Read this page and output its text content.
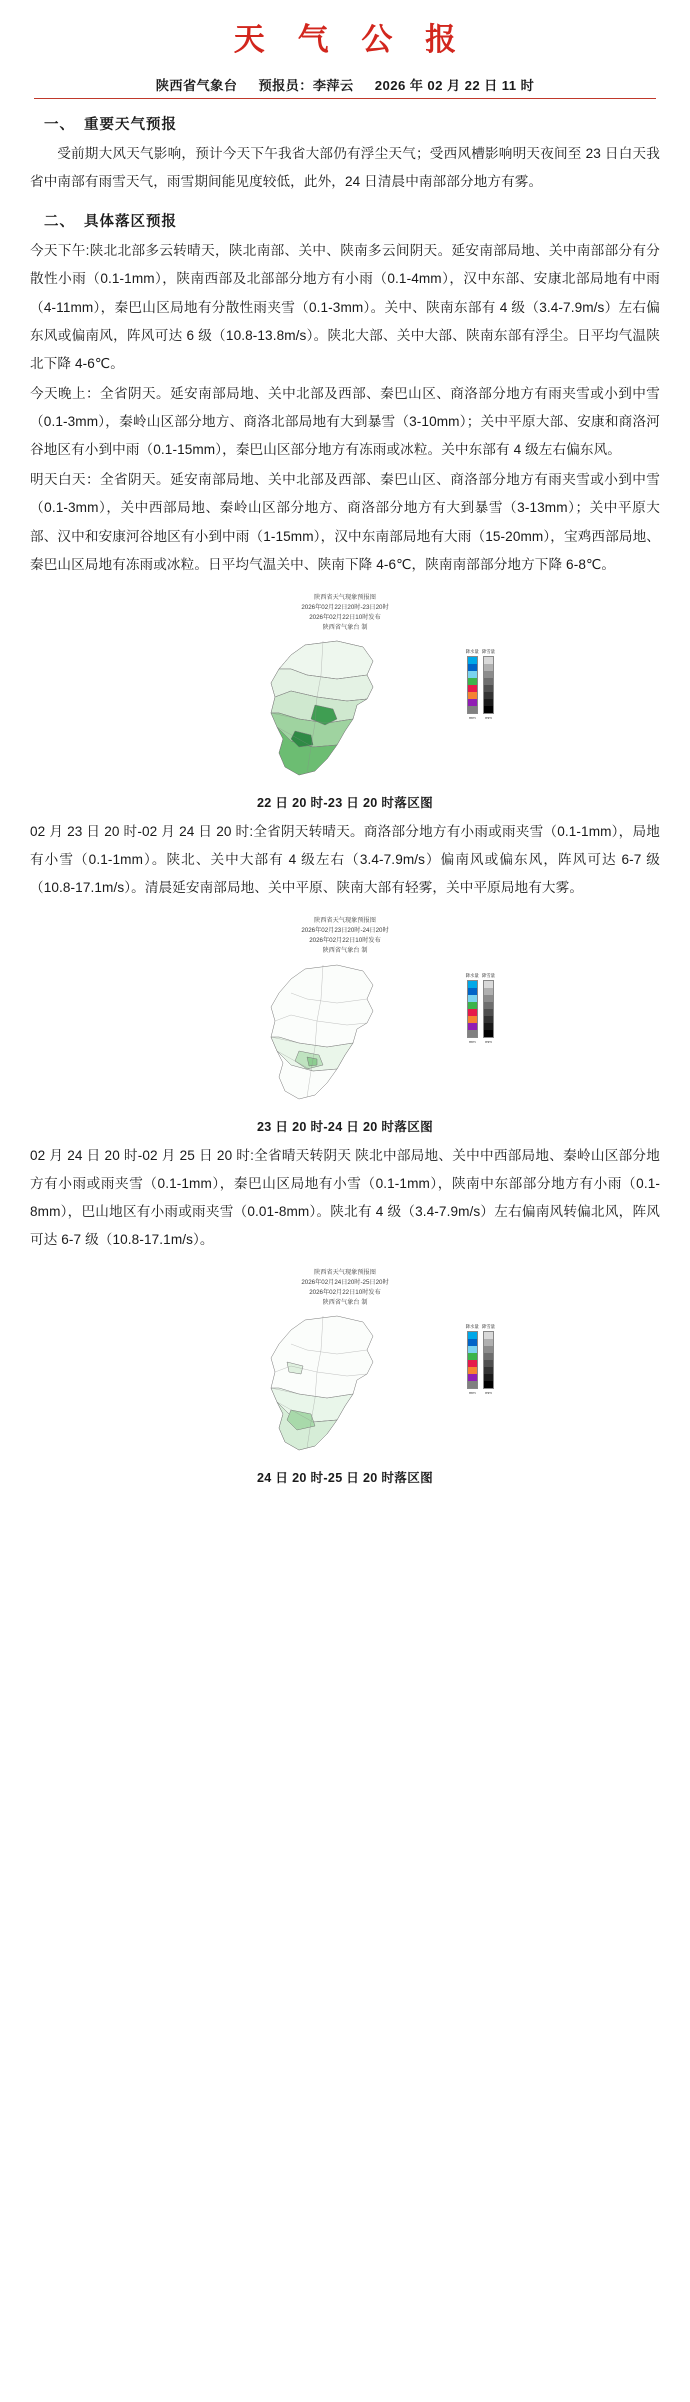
天 气 公 报
陕西省气象台 预报员：李萍云 2026 年 02 月 22 日 11 时
一、 重要天气预报

受前期大风天气影响，预计今天下午我省大部仍有浮尘天气；受西风槽影响明天夜间至 23 日白天我省中南部有雨雪天气，雨雪期间能见度较低，此外，24 日清晨中南部部分地方有雾。

二、 具体落区预报

今天下午:陕北北部多云转晴天，陕北南部、关中、陕南多云间阴天。延安南部局地、关中南部部分有分散性小雨（0.1-1mm），陕南西部及北部部分地方有小雨（0.1-4mm），汉中东部、安康北部局地有中雨（4-11mm），秦巴山区局地有分散性雨夹雪（0.1-3mm）。关中、陕南东部有 4 级（3.4-7.9m/s）左右偏东风或偏南风，阵风可达 6 级（10.8-13.8m/s）。陕北大部、关中大部、陕南东部有浮尘。日平均气温陕北下降 4-6℃。

今天晚上：全省阴天。延安南部局地、关中北部及西部、秦巴山区、商洛部分地方有雨夹雪或小到中雪（0.1-3mm），秦岭山区部分地方、商洛北部局地有大到暴雪（3-10mm）；关中平原大部、安康和商洛河谷地区有小到中雨（0.1-15mm），秦巴山区部分地方有冻雨或冰粒。关中东部有 4 级左右偏东风。

明天白天：全省阴天。延安南部局地、关中北部及西部、秦巴山区、商洛部分地方有雨夹雪或小到中雪（0.1-3mm），关中西部局地、秦岭山区部分地方、商洛部分地方有大到暴雪（3-13mm）；关中平原大部、汉中和安康河谷地区有小到中雨（1-15mm），汉中东南部局地有大雨（15-20mm），宝鸡西部局地、秦巴山区局地有冻雨或冰粒。日平均气温关中、陕南下降 4-6℃，陕南南部部分地方下降 6-8℃。

陕西省天气现象预报图
2026年02月22日20时-23日20时
2026年02月22日10时发布
陕西省气象台 制
降水量
mm
降雪量
mm
22 日 20 时-23 日 20 时落区图

02 月 23 日 20 时-02 月 24 日 20 时:全省阴天转晴天。商洛部分地方有小雨或雨夹雪（0.1-1mm），局地有小雪（0.1-1mm）。陕北、关中大部有 4 级左右（3.4-7.9m/s）偏南风或偏东风，阵风可达 6-7 级（10.8-17.1m/s）。清晨延安南部局地、关中平原、陕南大部有轻雾，关中平原局地有大雾。

陕西省天气现象预报图
2026年02月23日20时-24日20时
2026年02月22日10时发布
陕西省气象台 制
降水量
mm
降雪量
mm
23 日 20 时-24 日 20 时落区图

02 月 24 日 20 时-02 月 25 日 20 时:全省晴天转阴天 陕北中部局地、关中中西部局地、秦岭山区部分地方有小雨或雨夹雪（0.1-1mm），秦巴山区局地有小雪（0.1-1mm），陕南中东部部分地方有小雨（0.1-8mm），巴山地区有小雨或雨夹雪（0.01-8mm）。陕北有 4 级（3.4-7.9m/s）左右偏南风转偏北风，阵风可达 6-7 级（10.8-17.1m/s）。

陕西省天气现象预报图
2026年02月24日20时-25日20时
2026年02月22日10时发布
陕西省气象台 制
降水量
mm
降雪量
mm
24 日 20 时-25 日 20 时落区图
